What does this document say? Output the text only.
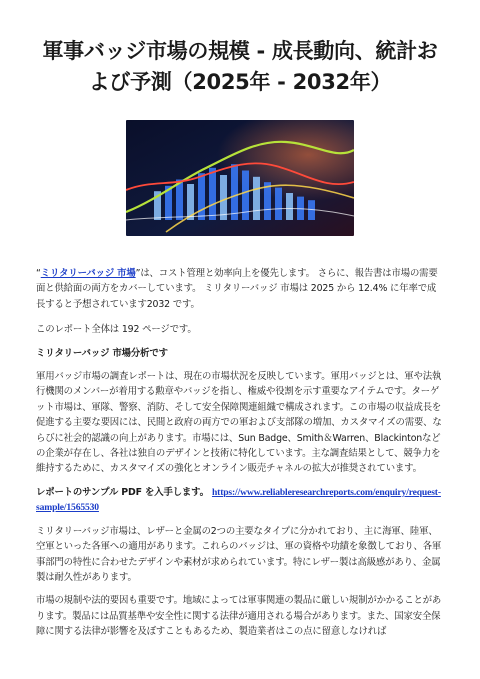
軍事バッジ市場の規模 - 成長動向、統計および予測（2025年 - 2032年）

“ミリタリーバッジ 市場”は、コスト管理と効率向上を優先します。 さらに、報告書は市場の需要面と供給面の両方をカバーしています。 ミリタリーバッジ 市場は 2025 から 12.4% に年率で成長すると予想されています2032 です。

このレポート全体は 192 ページです。

ミリタリーバッジ 市場分析です

軍用バッジ市場の調査レポートは、現在の市場状況を反映しています。軍用バッジとは、軍や法執行機関のメンバーが着用する勲章やバッジを指し、権威や役割を示す重要なアイテムです。ターゲット市場は、軍隊、警察、消防、そして安全保障関連組織で構成されます。この市場の収益成長を促進する主要な要因には、民間と政府の両方での軍および支部隊の増加、カスタマイズの需要、ならびに社会的認識の向上があります。市場には、Sun Badge、Smith＆Warren、Blackintonなどの企業が存在し、各社は独自のデザインと技術に特化しています。主な調査結果として、競争力を維持するために、カスタマイズの強化とオンライン販売チャネルの拡大が推奨されています。

レポートのサンプル PDF を入手します。 https://www.reliableresearchreports.com/enquiry/request-sample/1565530

ミリタリーバッジ市場は、レザーと金属の2つの主要なタイプに分かれており、主に海軍、陸軍、空軍といった各軍への適用があります。これらのバッジは、軍の資格や功績を象徴しており、各軍事部門の特性に合わせたデザインや素材が求められています。特にレザー製は高級感があり、金属製は耐久性があります。

市場の規制や法的要因も重要です。地域によっては軍事関連の製品に厳しい規制がかかることがあります。製品には品質基準や安全性に関する法律が適用される場合があります。また、国家安全保障に関する法律が影響を及ぼすこともあるため、製造業者はこの点に留意しなければ
